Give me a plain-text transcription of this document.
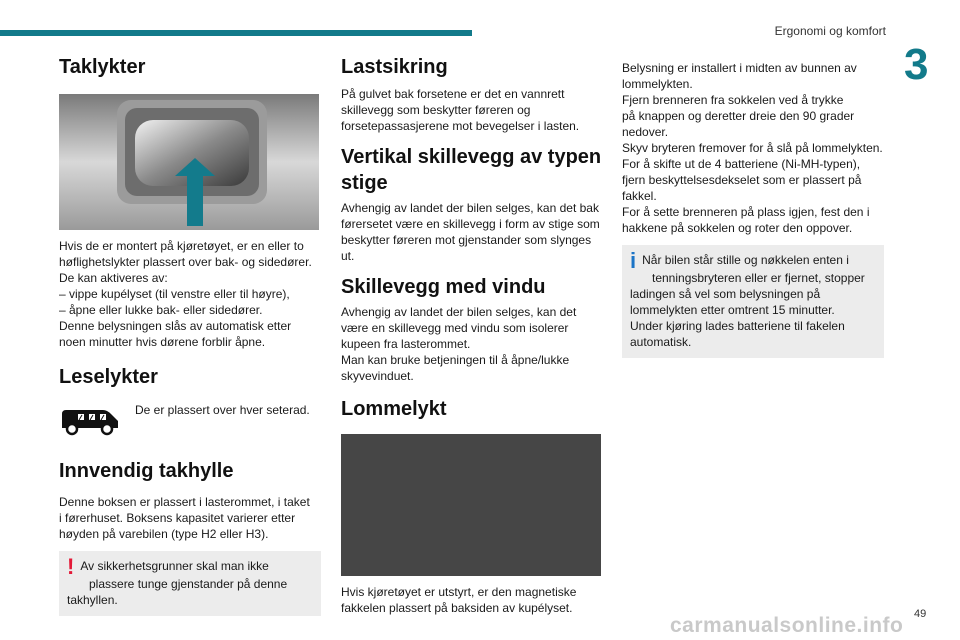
Ergonomi og komfort
3
Taklykter

Hvis de er montert på kjøretøyet, er en eller to

høflighetslykter plassert over bak- og sidedører.

De kan aktiveres av:

– vippe kupélyset (til venstre eller til høyre),

– åpne eller lukke bak- eller sidedører.

Denne belysningen slås av automatisk etter

noen minutter hvis dørene forblir åpne.

Leselykter

De er plassert over hver seterad.

Innvendig takhylle

Denne boksen er plassert i lasterommet, i taket

i førerhuset. Boksens kapasitet varierer etter

høyden på varebilen (type H2 eller H3).

! Av sikkerhetsgrunner skal man ikke
plassere tunge gjenstander på denne
takhyllen.
Lastsikring

På gulvet bak forsetene er det en vannrett

skillevegg som beskytter føreren og

forsetepassasjerene mot bevegelser i lasten.

Vertikal skillevegg av typen
stige

Avhengig av landet der bilen selges, kan det bak

førersetet være en skillevegg i form av stige som

beskytter føreren mot gjenstander som slynges

ut.

Skillevegg med vindu

Avhengig av landet der bilen selges, kan det

være en skillevegg med vindu som isolerer

kupeen fra lasterommet.

Man kan bruke betjeningen til å åpne/lukke

skyvevinduet.

Lommelykt

Hvis kjøretøyet er utstyrt, er den magnetiske

fakkelen plassert på baksiden av kupélyset.

Belysning er installert i midten av bunnen av

lommelykten.

Fjern brenneren fra sokkelen ved å trykke

på knappen og deretter dreie den 90 grader

nedover.

Skyv bryteren fremover for å slå på lommelykten.

For å skifte ut de 4 batteriene (Ni-MH-typen),

fjern beskyttelsesdekselet som er plassert på

fakkel.

For å sette brenneren på plass igjen, fest den i

hakkene på sokkelen og roter den oppover.

i Når bilen står stille og nøkkelen enten i
tenningsbryteren eller er fjernet, stopper
ladingen så vel som belysningen på
lommelykten etter omtrent 15 minutter.
Under kjøring lades batteriene til fakelen
automatisk.
carmanualsonline.info 49
